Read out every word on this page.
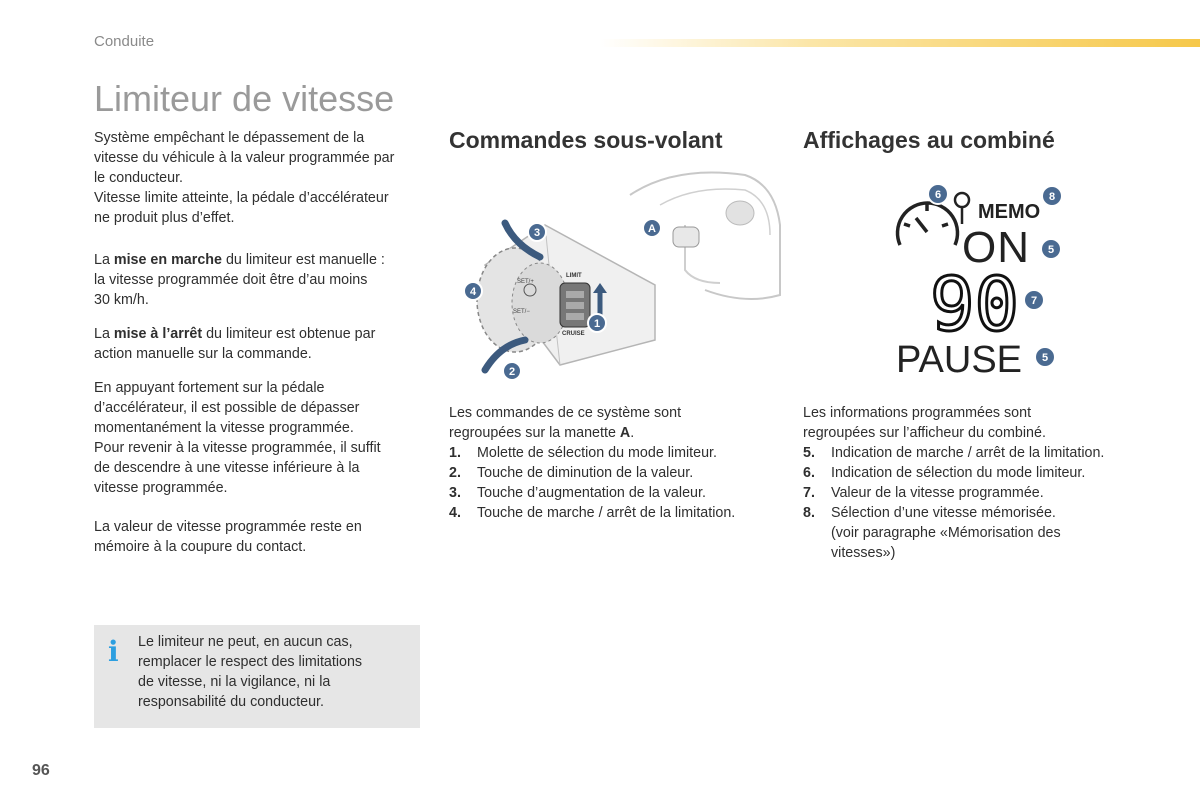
Conduite
Limiteur de vitesse
Système empêchant le dépassement de la
vitesse du véhicule à la valeur programmée par
le conducteur.
Vitesse limite atteinte, la pédale d’accélérateur
ne produit plus d’effet.
La mise en marche du limiteur est manuelle :
la vitesse programmée doit être d’au moins
30 km/h.
La mise à l’arrêt du limiteur est obtenue par
action manuelle sur la commande.
En appuyant fortement sur la pédale
d’accélérateur, il est possible de dépasser
momentanément la vitesse programmée.
Pour revenir à la vitesse programmée, il suffit
de descendre à une vitesse inférieure à la
vitesse programmée.
La valeur de vitesse programmée reste en
mémoire à la coupure du contact.
i Le limiteur ne peut, en aucun cas,
remplacer le respect des limitations
de vitesse, ni la vigilance, ni la
responsabilité du conducteur.
Commandes sous-volant
SET/+
SET/−
LIMIT
CRUISE
3	A
4
1
2
Les commandes de ce système sont
regroupées sur la manette A.
1.	Molette de sélection du mode limiteur.
2.	Touche de diminution de la valeur.
3.	Touche d’augmentation de la valeur.
4.	Touche de marche / arrêt de la limitation.
Affichages au combiné
MEMO
ON
90
PAUSE
6	8
5
7
5
Les informations programmées sont
regroupées sur l’afficheur du combiné.
5.	Indication de marche / arrêt de la limitation.
6.	Indication de sélection du mode limiteur.
7.	Valeur de la vitesse programmée.
8.	Sélection d’une vitesse mémorisée.
(voir paragraphe «Mémorisation des
vitesses»)
96
